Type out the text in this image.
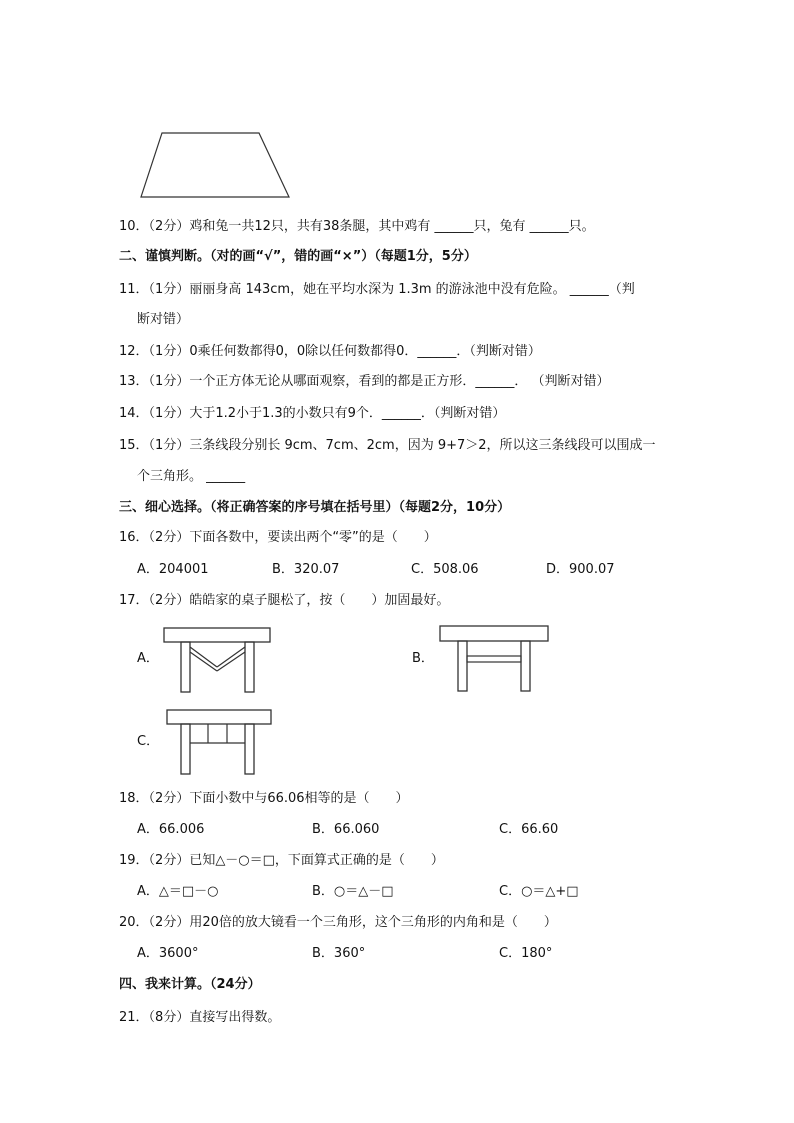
10．（2分）鸡和兔一共12只，共有38条腿，其中鸡有 ______只，兔有 ______只。
二、谨慎判断。（对的画“√”，错的画“×”）（每题1分，5分）
11．（1分）丽丽身高 143cm，她在平均水深为 1.3m 的游泳池中没有危险。 ______（判
断对错）
12．（1分）0乘任何数都得0，0除以任何数都得0．______．（判断对错）
13．（1分）一个正方体无论从哪面观察，看到的都是正方形．______． （判断对错）
14．（1分）大于1.2小于1.3的小数只有9个．______．（判断对错）
15．（1分）三条线段分别长 9cm、7cm、2cm，因为 9+7＞2，所以这三条线段可以围成一
个三角形。 ______
三、细心选择。（将正确答案的序号填在括号里）（每题2分，10分）
16．（2分）下面各数中，要读出两个“零”的是（　　）
A．204001	B．320.07	C．508.06	D．900.07
17．（2分）皓皓家的桌子腿松了，按（　　）加固最好。
A．	B．
C．
18．（2分）下面小数中与66.06相等的是（　　）
A．66.006	B．66.060	C．66.60
19．（2分）已知△－○＝□，下面算式正确的是（　　）
A．△＝□－○	B．○＝△－□	C．○＝△+□
20．（2分）用20倍的放大镜看一个三角形，这个三角形的内角和是（　　）
A．3600°	B．360°	C．180°
四、我来计算。（24分）
21．（8分）直接写出得数。
